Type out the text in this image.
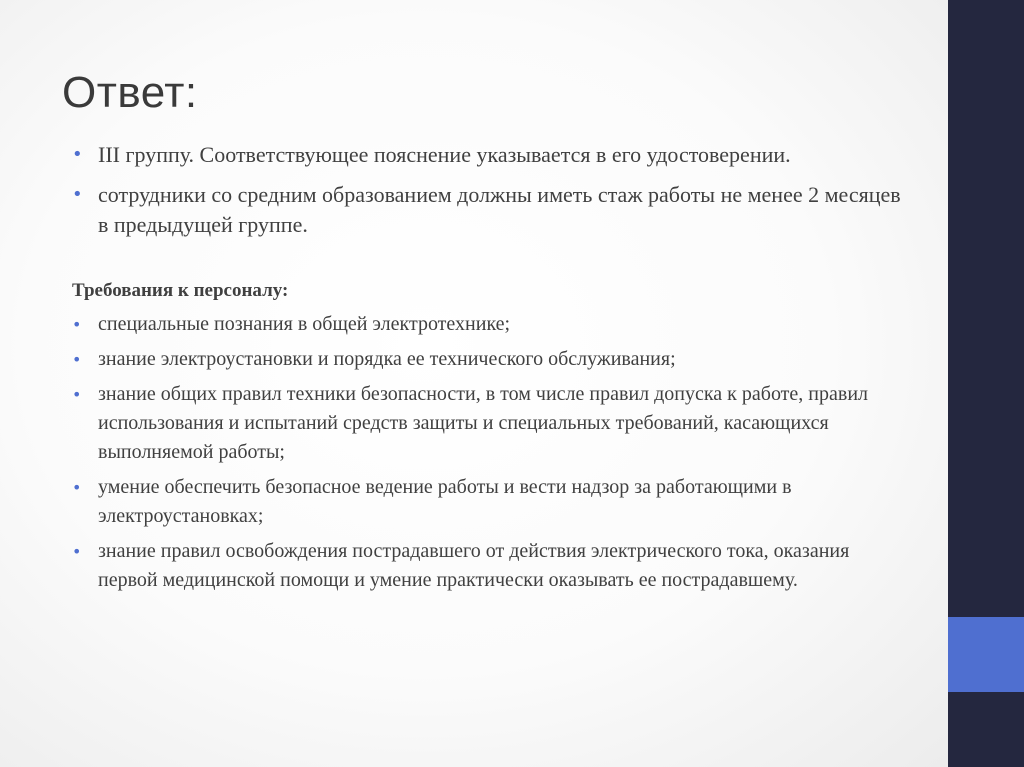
Ответ:
• III группу. Соответствующее пояснение указывается в его удостоверении.
• сотрудники со средним образованием должны иметь стаж работы не менее 2 месяцев в предыдущей группе.
Требования к персоналу:
• специальные познания в общей электротехнике;
• знание электроустановки и порядка ее технического обслуживания;
• знание общих правил техники безопасности, в том числе правил допуска к работе, правил использования и испытаний средств защиты и специальных требований, касающихся выполняемой работы;
• умение обеспечить безопасное ведение работы и вести надзор за работающими в электроустановках;
• знание правил освобождения пострадавшего от действия электрического тока, оказания первой медицинской помощи и умение практически оказывать ее пострадавшему.
